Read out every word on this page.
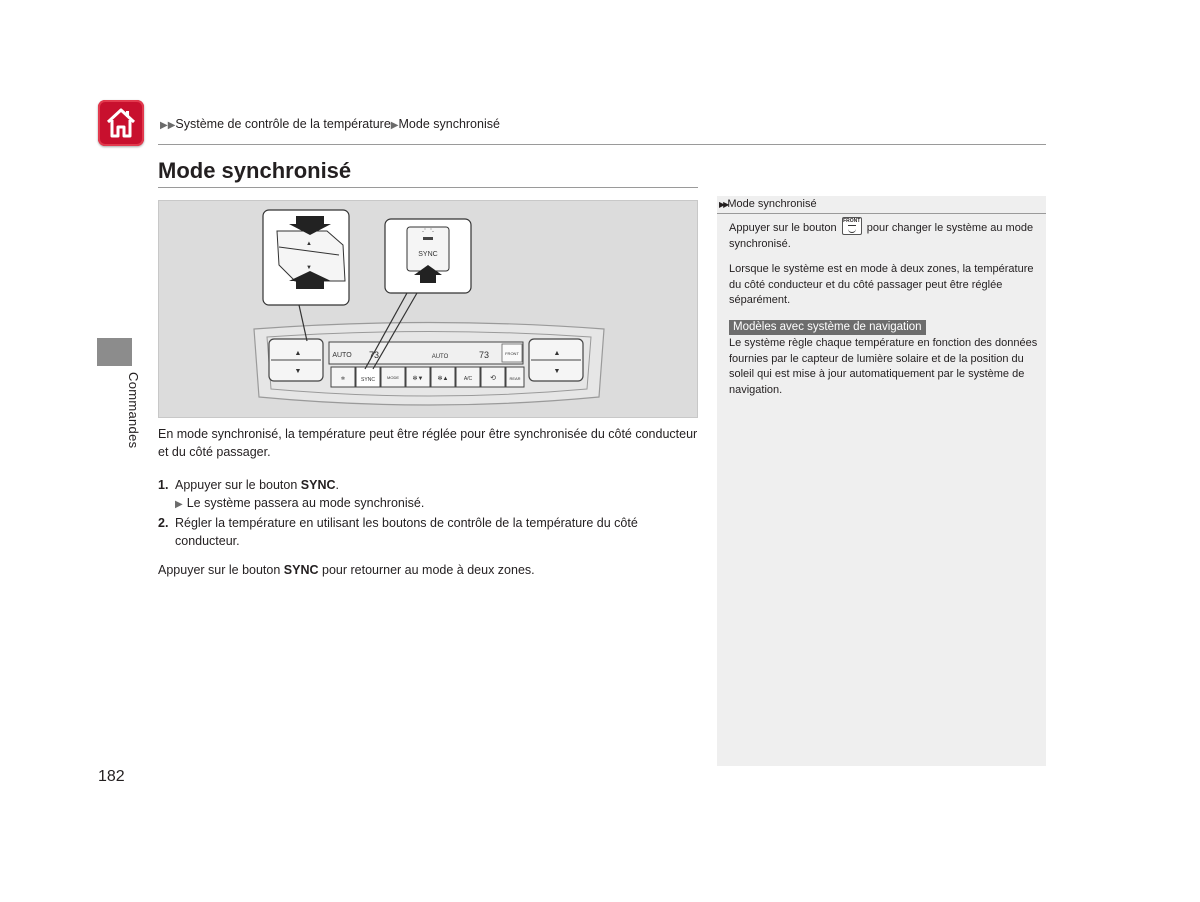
▶▶Système de contrôle de la température▶Mode synchronisé
Mode synchronisé
Commandes
▲
▼
▲
▼
AUTO 73	AUTO	73	FRONT
✲	SYNC	MODE ✻▼ ✻▲	A/C	⟲	REAR
▲
▼
⋰⋱
SYNC
En mode synchronisé, la température peut être réglée pour être synchronisée du côté conducteur et du côté passager.
1. Appuyer sur le bouton SYNC.
▶ Le système passera au mode synchronisé.
2. Régler la température en utilisant les boutons de contrôle de la température du côté conducteur.
Appuyer sur le bouton SYNC pour retourner au mode à deux zones.
▶▶Mode synchronisé
Appuyer sur le bouton
FRONT
pour changer le système au mode synchronisé.
Lorsque le système est en mode à deux zones, la température du côté conducteur et du côté passager peut être réglée séparément.
Modèles avec système de navigation
Le système règle chaque température en fonction des données fournies par le capteur de lumière solaire et de la position du soleil qui est mise à jour automatiquement par le système de navigation.
182
